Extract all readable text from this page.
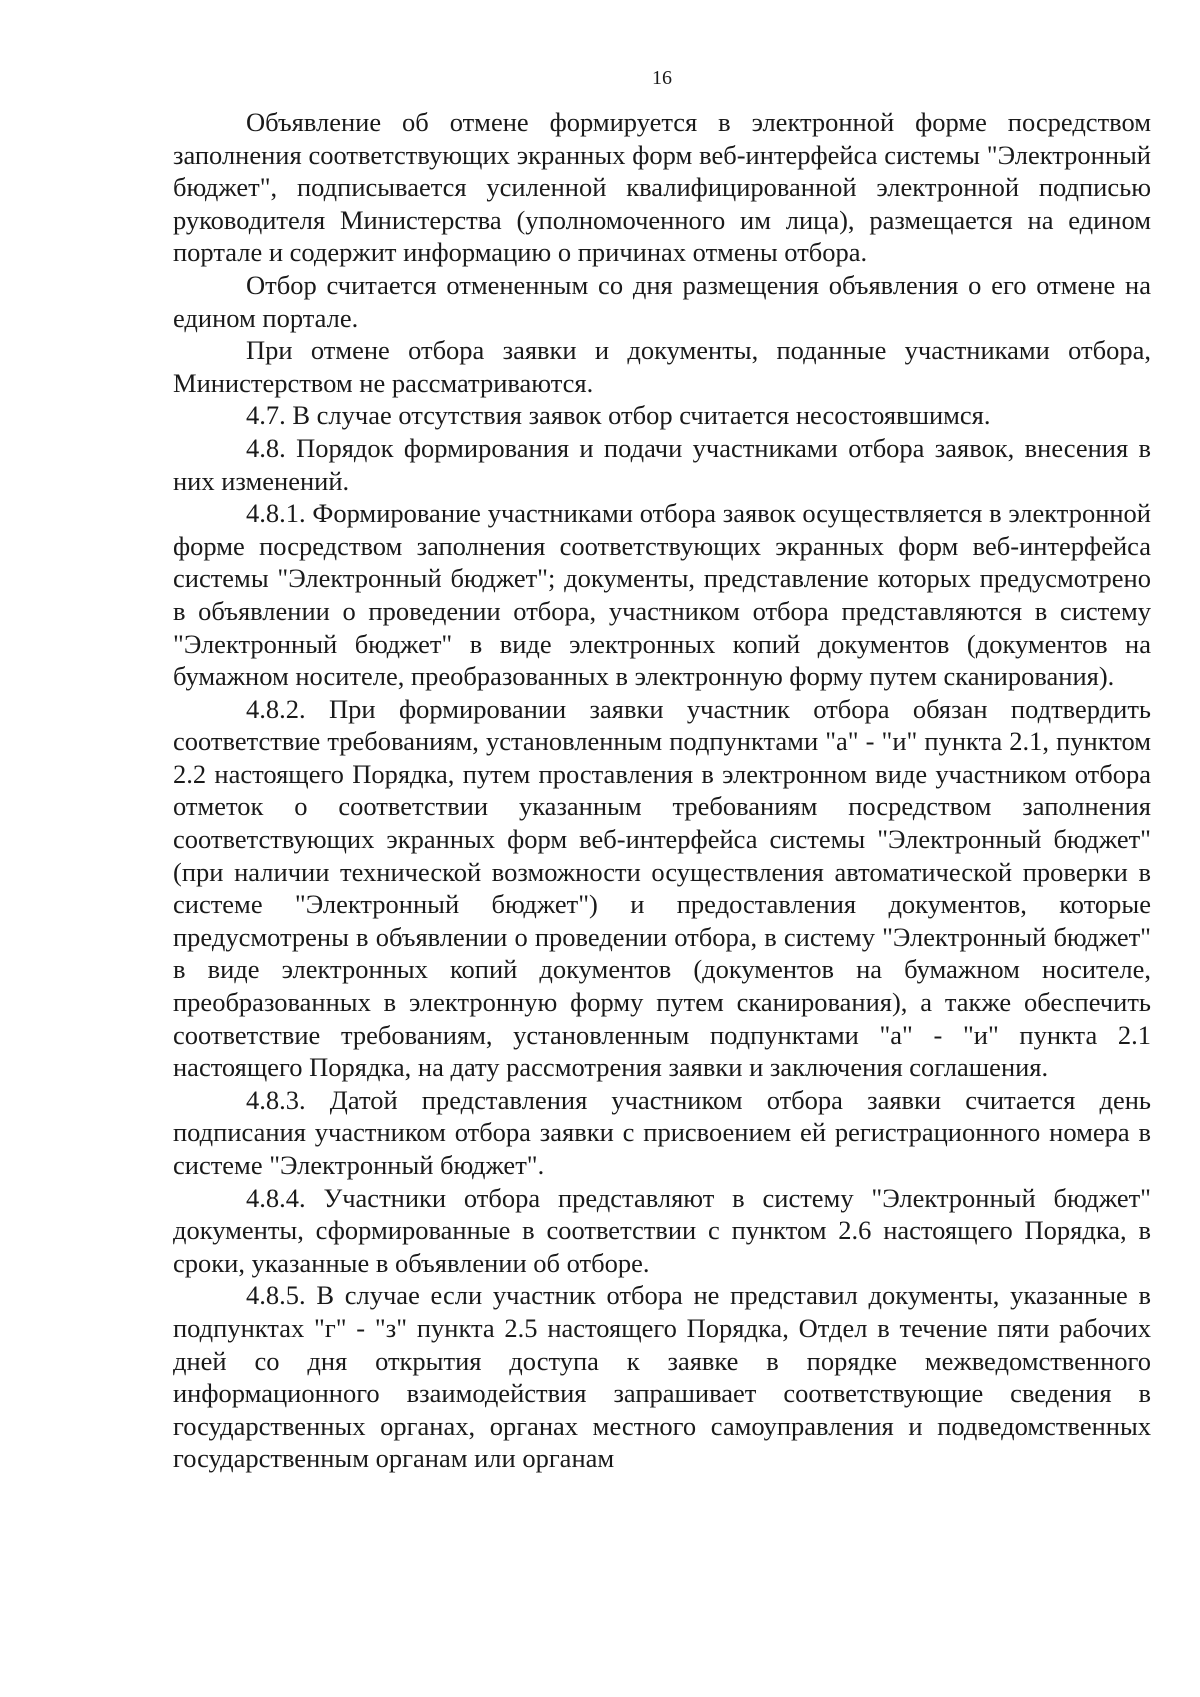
16

Объявление об отмене формируется в электронной форме посредством заполнения соответствующих экранных форм веб-интерфейса системы "Электронный бюджет", подписывается усиленной квалифицированной электронной подписью руководителя Министерства (уполномоченного им лица), размещается на едином портале и содержит информацию о причинах отмены отбора.

Отбор считается отмененным со дня размещения объявления о его отмене на едином портале.

При отмене отбора заявки и документы, поданные участниками отбора, Министерством не рассматриваются.

4.7. В случае отсутствия заявок отбор считается несостоявшимся.

4.8. Порядок формирования и подачи участниками отбора заявок, внесения в них изменений.

4.8.1. Формирование участниками отбора заявок осуществляется в электронной форме посредством заполнения соответствующих экранных форм веб-интерфейса системы "Электронный бюджет"; документы, представление которых предусмотрено в объявлении о проведении отбора, участником отбора представляются в систему "Электронный бюджет" в виде электронных копий документов (документов на бумажном носителе, преобразованных в электронную форму путем сканирования).

4.8.2. При формировании заявки участник отбора обязан подтвердить соответствие требованиям, установленным подпунктами "а" - "и" пункта 2.1, пунктом 2.2 настоящего Порядка, путем проставления в электронном виде участником отбора отметок о соответствии указанным требованиям посредством заполнения соответствующих экранных форм веб-интерфейса системы "Электронный бюджет" (при наличии технической возможности осуществления автоматической проверки в системе "Электронный бюджет") и предоставления документов, которые предусмотрены в объявлении о проведении отбора, в систему "Электронный бюджет" в виде электронных копий документов (документов на бумажном носителе, преобразованных в электронную форму путем сканирования), а также обеспечить соответствие требованиям, установленным подпунктами "а" - "и" пункта 2.1 настоящего Порядка, на дату рассмотрения заявки и заключения соглашения.

4.8.3. Датой представления участником отбора заявки считается день подписания участником отбора заявки с присвоением ей регистрационного номера в системе "Электронный бюджет".

4.8.4. Участники отбора представляют в систему "Электронный бюджет" документы, сформированные в соответствии с пунктом 2.6 настоящего Порядка, в сроки, указанные в объявлении об отборе.

4.8.5. В случае если участник отбора не представил документы, указанные в подпунктах "г" - "з" пункта 2.5 настоящего Порядка, Отдел в течение пяти рабочих дней со дня открытия доступа к заявке в порядке межведомственного информационного взаимодействия запрашивает соответствующие сведения в государственных органах, органах местного самоуправления и подведомственных государственным органам или органам
